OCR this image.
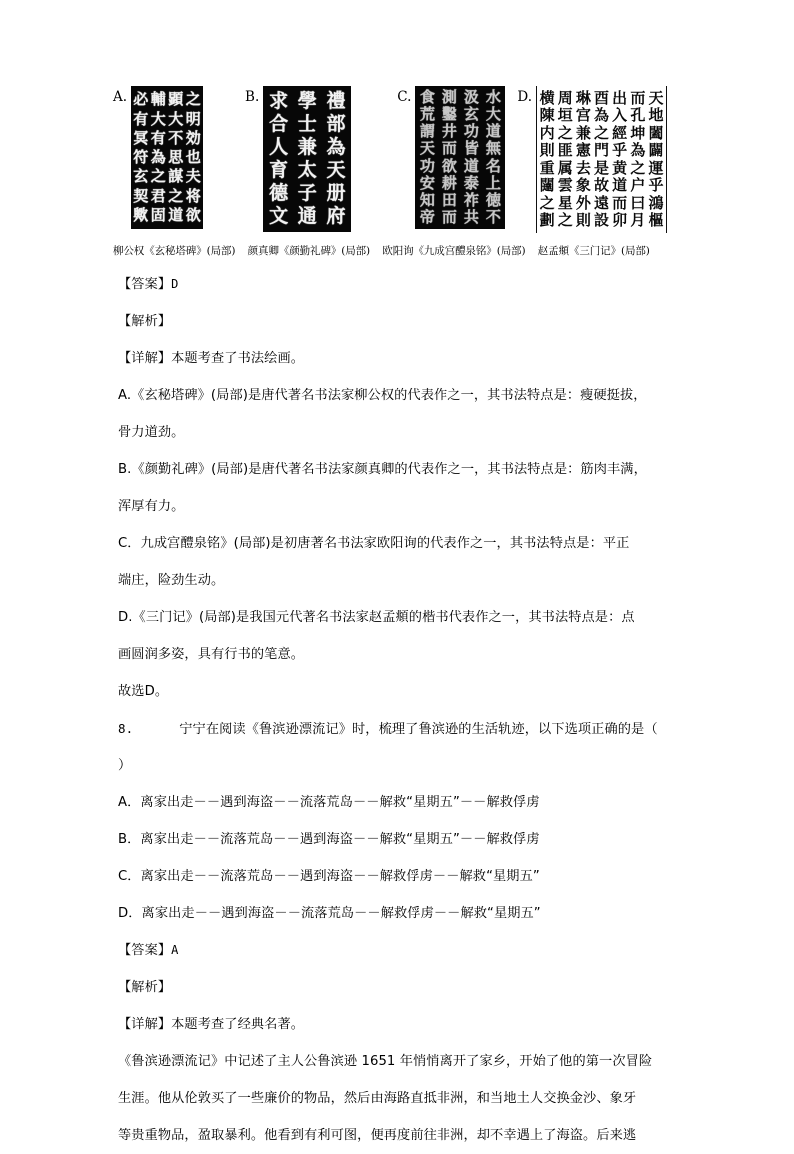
A.	之
明
効
也
夫
将
欲
顕
大
不
思
謀
之
道
輔
大
有
為
之
君
固
必
有
冥
符
玄
契
歟
B.	禮
部
為
天
册
府
學
士
兼
太
子
通
求
合
人
育
德
文
C.	水
大
道
無
名
上
徳
不
汲
玄
功
皆
道
泰
祚
共
測
鑿
井
而
欲
耕
田
而
食
荒
謂
天
功
安
知
帝
D.	天
地
闔
闢
運
乎
鴻
樞
而
孔
坤
為
之
户
曰
月
出
入
經
乎
黄
道
而
卯
酉
為
之
門
是
故
遠
設
琳
宫
兼
憲
去
象
外
則
周
垣
之
匪
属
雲
星
之
横
陳
内
則
重
闥
之
劃
柳公权《玄秘塔碑》(局部) 颜真卿《颜勤礼碑》(局部) 欧阳询《九成宫醴泉铭》(局部) 赵孟頫《三门记》(局部)
【答案】D
【解析】
【详解】本题考查了书法绘画。
A.《玄秘塔碑》(局部)是唐代著名书法家柳公权的代表作之一，其书法特点是：瘦硬挺拔，
骨力道劲。
B.《颜勤礼碑》(局部)是唐代著名书法家颜真卿的代表作之一，其书法特点是：筋肉丰满，
浑厚有力。
C．九成宫醴泉铭》(局部)是初唐著名书法家欧阳询的代表作之一，其书法特点是：平正
端庄，险劲生动。
D.《三门记》(局部)是我国元代著名书法家赵孟頫的楷书代表作之一，其书法特点是：点
画圆润多姿，具有行书的笔意。
故选D。
8.	宁宁在阅读《鲁滨逊漂流记》时，梳理了鲁滨逊的生活轨迹，以下选项正确的是（
）
A．离家出走－－遇到海盗－－流落荒岛－－解救“星期五”－－解救俘虏
B．离家出走－－流落荒岛－－遇到海盗－－解救“星期五”－－解救俘虏
C．离家出走－－流落荒岛－－遇到海盗－－解救俘虏－－解救“星期五”
D．离家出走－－遇到海盗－－流落荒岛－－解救俘虏－－解救“星期五”
【答案】A
【解析】
【详解】本题考查了经典名著。
《鲁滨逊漂流记》中记述了主人公鲁滨逊 1651 年悄悄离开了家乡，开始了他的第一次冒险
生涯。他从伦敦买了一些廉价的物品，然后由海路直抵非洲，和当地土人交换金沙、象牙
等贵重物品，盈取暴利。他看到有利可图，便再度前往非洲，却不幸遇上了海盗。后来逃
